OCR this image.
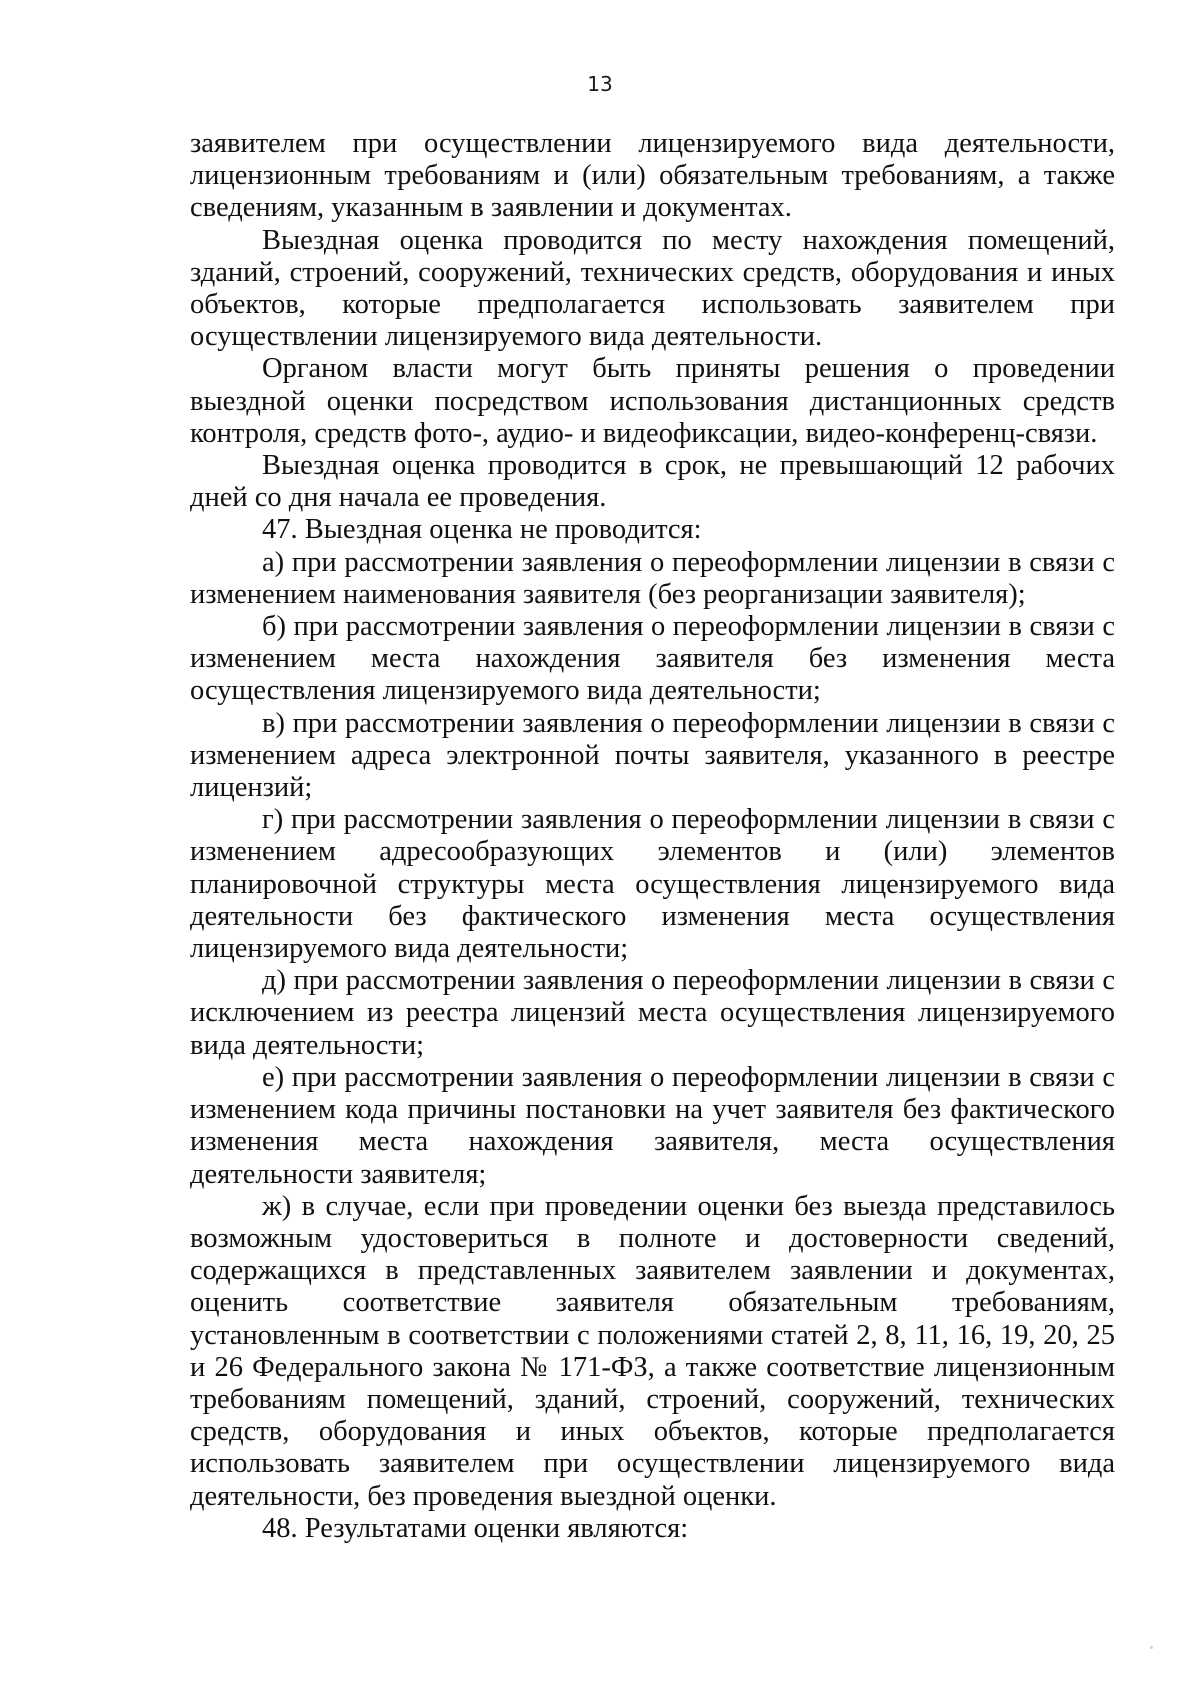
13

заявителем при осуществлении лицензируемого вида деятельности, лицензионным требованиям и (или) обязательным требованиям, а также сведениям, указанным в заявлении и документах.

Выездная оценка проводится по месту нахождения помещений, зданий, строений, сооружений, технических средств, оборудования и иных объектов, которые предполагается использовать заявителем при осуществлении лицензируемого вида деятельности.

Органом власти могут быть приняты решения о проведении выездной оценки посредством использования дистанционных средств контроля, средств фото-, аудио- и видеофиксации, видео-конференц-связи.

Выездная оценка проводится в срок, не превышающий 12 рабочих дней со дня начала ее проведения.

47. Выездная оценка не проводится:

а) при рассмотрении заявления о переоформлении лицензии в связи с изменением наименования заявителя (без реорганизации заявителя);

б) при рассмотрении заявления о переоформлении лицензии в связи с изменением места нахождения заявителя без изменения места осуществления лицензируемого вида деятельности;

в) при рассмотрении заявления о переоформлении лицензии в связи с изменением адреса электронной почты заявителя, указанного в реестре лицензий;

г) при рассмотрении заявления о переоформлении лицензии в связи с изменением адресообразующих элементов и (или) элементов планировочной структуры места осуществления лицензируемого вида деятельности без фактического изменения места осуществления лицензируемого вида деятельности;

д) при рассмотрении заявления о переоформлении лицензии в связи с исключением из реестра лицензий места осуществления лицензируемого вида деятельности;

е) при рассмотрении заявления о переоформлении лицензии в связи с изменением кода причины постановки на учет заявителя без фактического изменения места нахождения заявителя, места осуществления деятельности заявителя;

ж) в случае, если при проведении оценки без выезда представилось возможным удостовериться в полноте и достоверности сведений, содержащихся в представленных заявителем заявлении и документах, оценить соответствие заявителя обязательным требованиям, установленным в соответствии с положениями статей 2, 8, 11, 16, 19, 20, 25 и 26 Федерального закона № 171-ФЗ, а также соответствие лицензионным требованиям помещений, зданий, строений, сооружений, технических средств, оборудования и иных объектов, которые предполагается использовать заявителем при осуществлении лицензируемого вида деятельности, без проведения выездной оценки.

48. Результатами оценки являются:
